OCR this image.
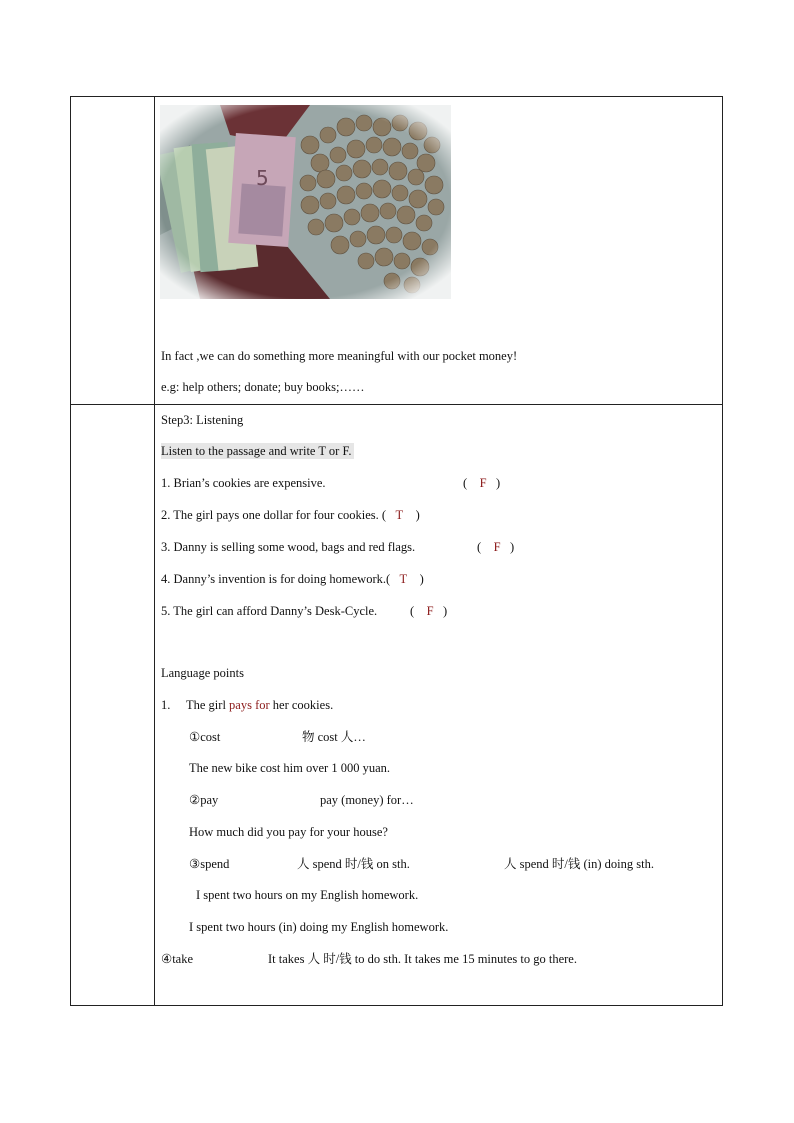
In fact ,we can do something more meaningful with our pocket money!
e.g: help others; donate; buy books;……
Step3: Listening
Listen to the passage and write T or F.
1. Brian’s cookies are expensive.	( F )
2. The girl pays one dollar for four cookies. ( T )
3. Danny is selling some wood, bags and red flags.	( F )
4. Danny’s invention is for doing homework.( T )
5. The girl can afford Danny’s Desk-Cycle.	( F )
Language points
1. The girl pays for her cookies.
①cost	物 cost 人…
The new bike cost him over 1 000 yuan.
②pay	pay (money) for…
How much did you pay for your house?
③spend	人 spend 时/钱 on sth.	人 spend 时/钱 (in) doing sth.
I spent two hours on my English homework.
I spent two hours (in) doing my English homework.
④take	It takes 人 时/钱 to do sth. It takes me 15 minutes to go there.
